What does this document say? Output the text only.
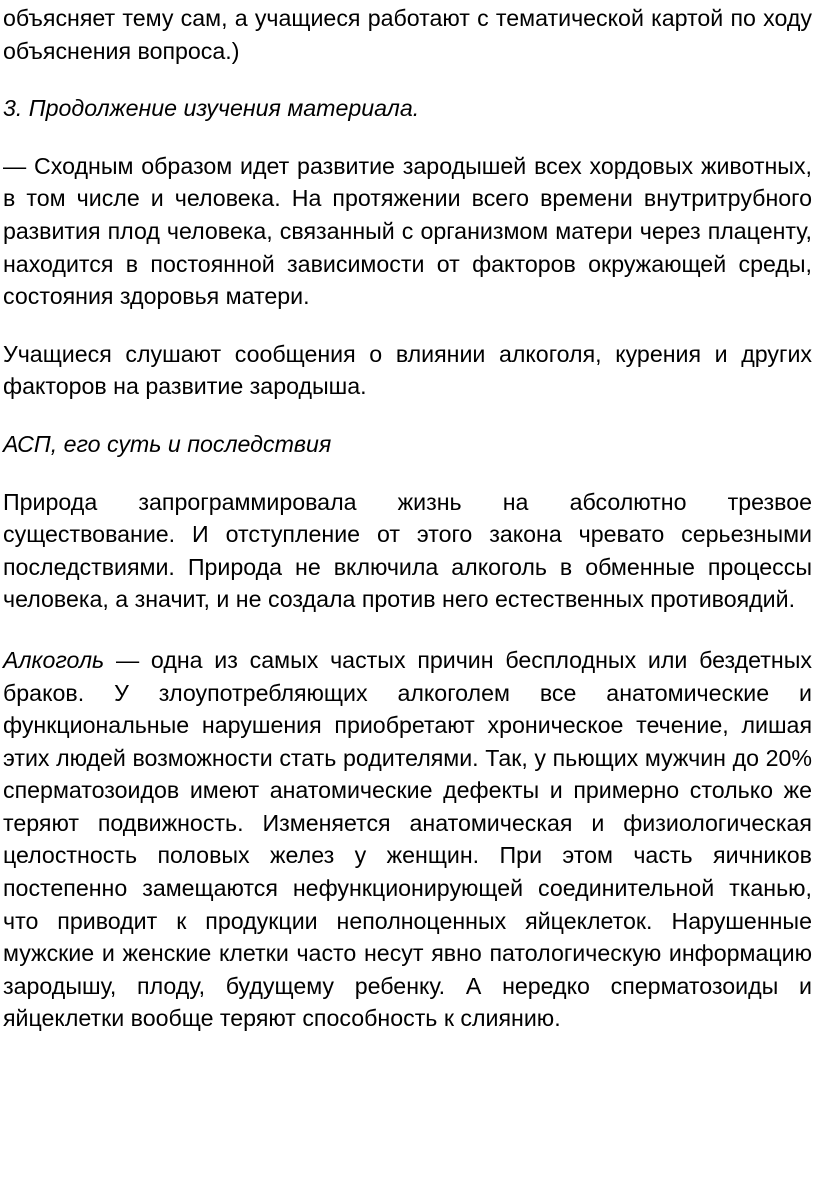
объясняет тему сам, а учащиеся работают с тематической картой по ходу объяснения вопроса.)

3. Продолжение изучения материала.

— Сходным образом идет развитие зародышей всех хордовых животных, в том числе и человека. На протяжении всего времени внутритрубного развития плод человека, связанный с организмом матери через плаценту, находится в постоянной зависимости от факторов окружающей среды, состояния здоровья матери.

Учащиеся слушают сообщения о влиянии алкоголя, курения и других факторов на развитие зародыша.

АСП, его суть и последствия

Природа запрограммировала жизнь на абсолютно трезвое существование. И отступление от этого закона чревато серьезными последствиями. Природа не включила алкоголь в обменные процессы человека, а значит, и не создала против него естественных противоядий.

Алкоголь — одна из самых частых причин бесплодных или бездетных браков. У злоупотребляющих алкоголем все анатомические и функциональные нарушения приобретают хроническое течение, лишая этих людей возможности стать родителями. Так, у пьющих мужчин до 20% сперматозоидов имеют анатомические дефекты и примерно столько же теряют подвижность. Изменяется анатомическая и физиологическая целостность половых желез у женщин. При этом часть яичников постепенно замещаются нефункционирующей соединительной тканью, что приводит к продукции неполноценных яйцеклеток. Нарушенные мужские и женские клетки часто несут явно патологическую информацию зародышу, плоду, будущему ребенку. А нередко сперматозоиды и яйцеклетки вообще теряют способность к слиянию.
